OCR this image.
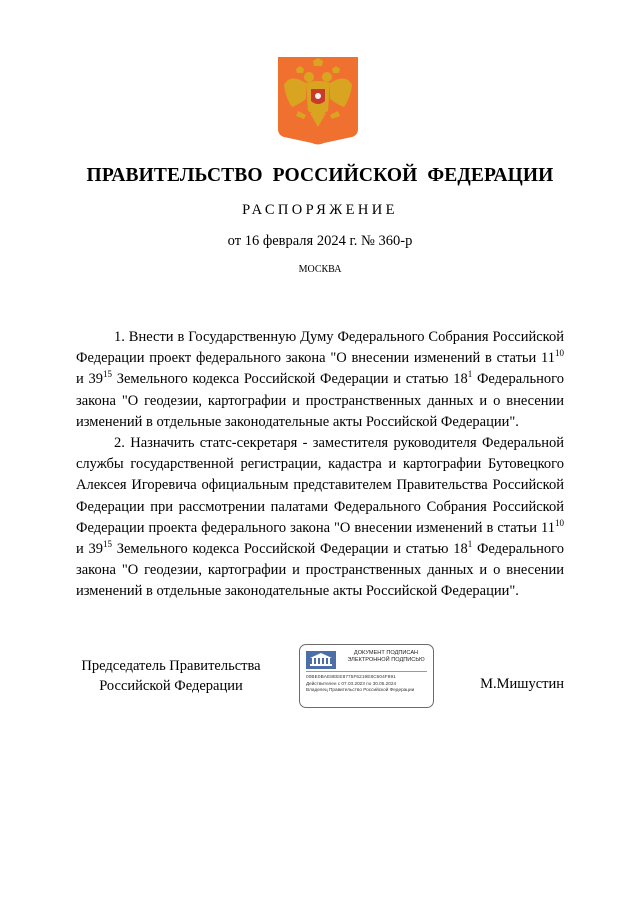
ПРАВИТЕЛЬСТВО РОССИЙСКОЙ ФЕДЕРАЦИИ
РАСПОРЯЖЕНИЕ
от 16 февраля 2024 г. № 360-р
МОСКВА

1. Внести в Государственную Думу Федерального Собрания Российской Федерации проект федерального закона "О внесении изменений в статьи $11^{10}$ и $39^{15}$ Земельного кодекса Российской Федерации и статью $18^1$ Федерального закона "О геодезии, картографии и пространственных данных и о внесении изменений в отдельные законодательные акты Российской Федерации".

2. Назначить статс-секретаря - заместителя руководителя Федеральной службы государственной регистрации, кадастра и картографии Бутовецкого Алексея Игоревича официальным представителем Правительства Российской Федерации при рассмотрении палатами Федерального Собрания Российской Федерации проекта федерального закона "О внесении изменений в статьи $11^{10}$ и $39^{15}$ Земельного кодекса Российской Федерации и статью $18^1$ Федерального закона "О геодезии, картографии и пространственных данных и о внесении изменений в отдельные законодательные акты Российской Федерации".

Председатель Правительства
Российской Федерации
ДОКУМЕНТ ПОДПИСАН
ЭЛЕКТРОННОЙ ПОДПИСЬЮ
00BE0BAE8EEE8775F6219E8C604F891
Действителен с 07.03.2023 по 30.05.2024
Владелец Правительство Российской Федерации	М.Мишустин
